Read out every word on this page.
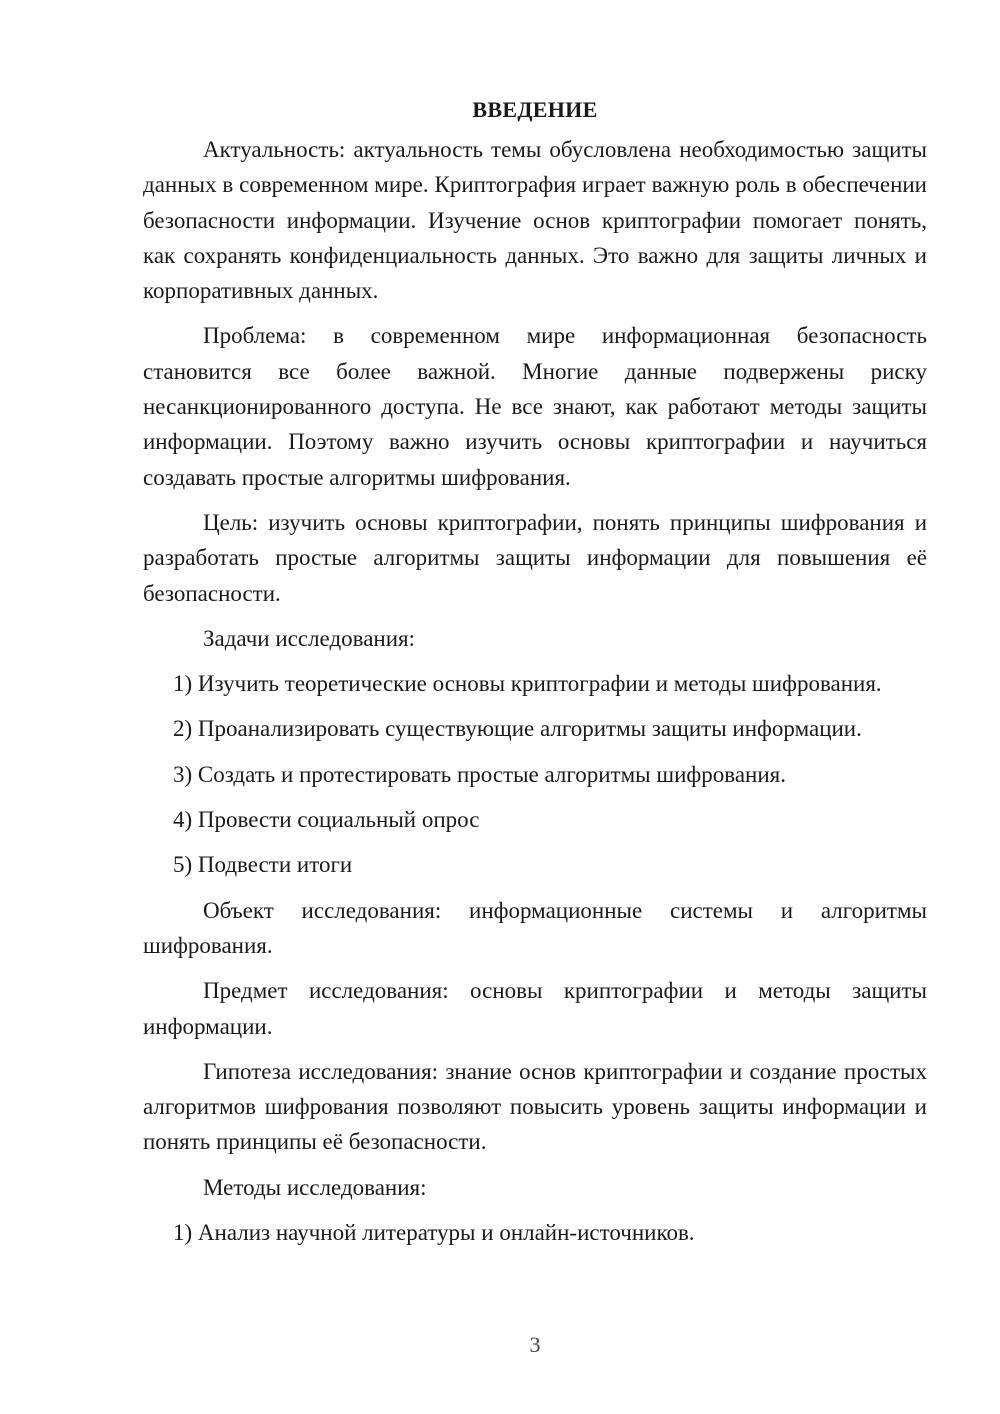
ВВЕДЕНИЕ

Актуальность: актуальность темы обусловлена необходимостью защиты данных в современном мире. Криптография играет важную роль в обеспечении безопасности информации. Изучение основ криптографии помогает понять, как сохранять конфиденциальность данных. Это важно для защиты личных и корпоративных данных.

Проблема: в современном мире информационная безопасность становится все более важной. Многие данные подвержены риску несанкционированного доступа. Не все знают, как работают методы защиты информации. Поэтому важно изучить основы криптографии и научиться создавать простые алгоритмы шифрования.

Цель: изучить основы криптографии, понять принципы шифрования и разработать простые алгоритмы защиты информации для повышения её безопасности.

Задачи исследования:

1) Изучить теоретические основы криптографии и методы шифрования.

2) Проанализировать существующие алгоритмы защиты информации.

3) Создать и протестировать простые алгоритмы шифрования.

4) Провести социальный опрос

5) Подвести итоги

Объект исследования: информационные системы и алгоритмы шифрования.

Предмет исследования: основы криптографии и методы защиты информации.

Гипотеза исследования: знание основ криптографии и создание простых алгоритмов шифрования позволяют повысить уровень защиты информации и понять принципы её безопасности.

Методы исследования:

1) Анализ научной литературы и онлайн-источников.

3
